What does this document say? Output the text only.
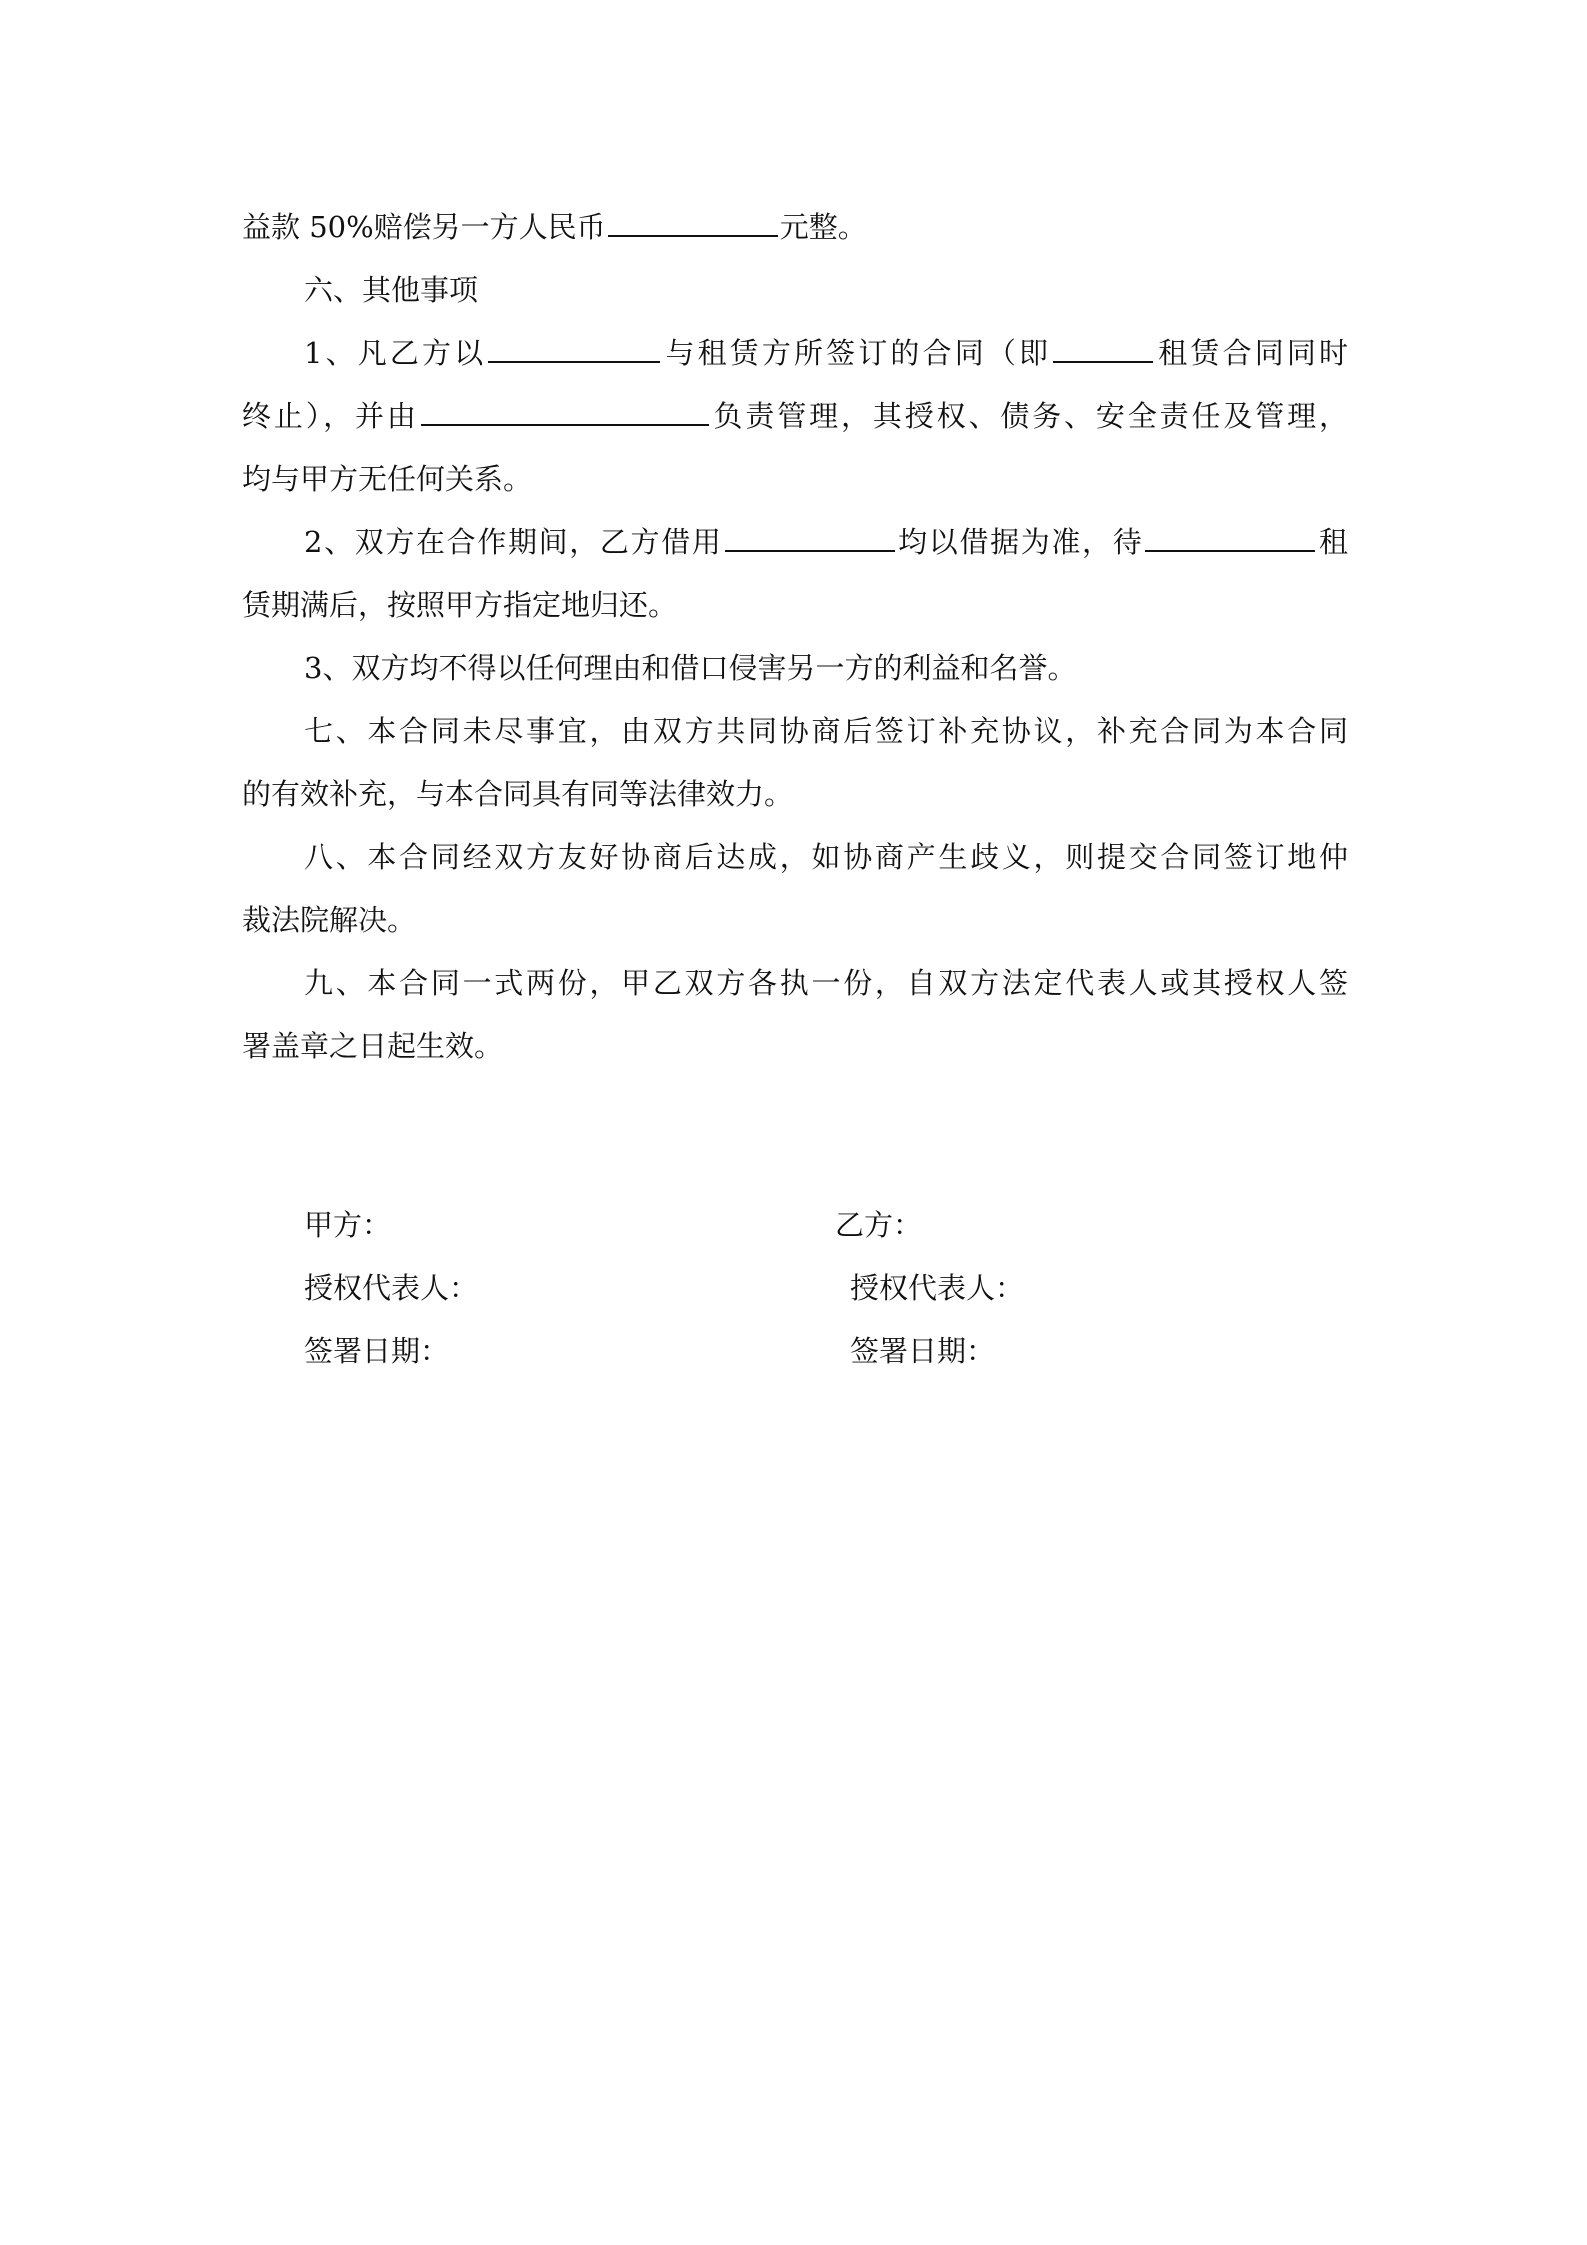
益款 50%赔偿另一方人民币	元整。
六、其他事项
1、凡乙方以	与租赁方所签订的合同（即	租赁合同同时
终止），并由	负责管理，其授权、债务、安全责任及管理，
均与甲方无任何关系。
2、双方在合作期间，乙方借用	均以借据为准，待	租
赁期满后，按照甲方指定地归还。
3、双方均不得以任何理由和借口侵害另一方的利益和名誉。
七、本合同未尽事宜，由双方共同协商后签订补充协议，补充合同为本合同
的有效补充，与本合同具有同等法律效力。
八、本合同经双方友好协商后达成，如协商产生歧义，则提交合同签订地仲
裁法院解决。
九、本合同一式两份，甲乙双方各执一份，自双方法定代表人或其授权人签
署盖章之日起生效。
甲方：
授权代表人：
签署日期：
乙方：
授权代表人：
签署日期：
